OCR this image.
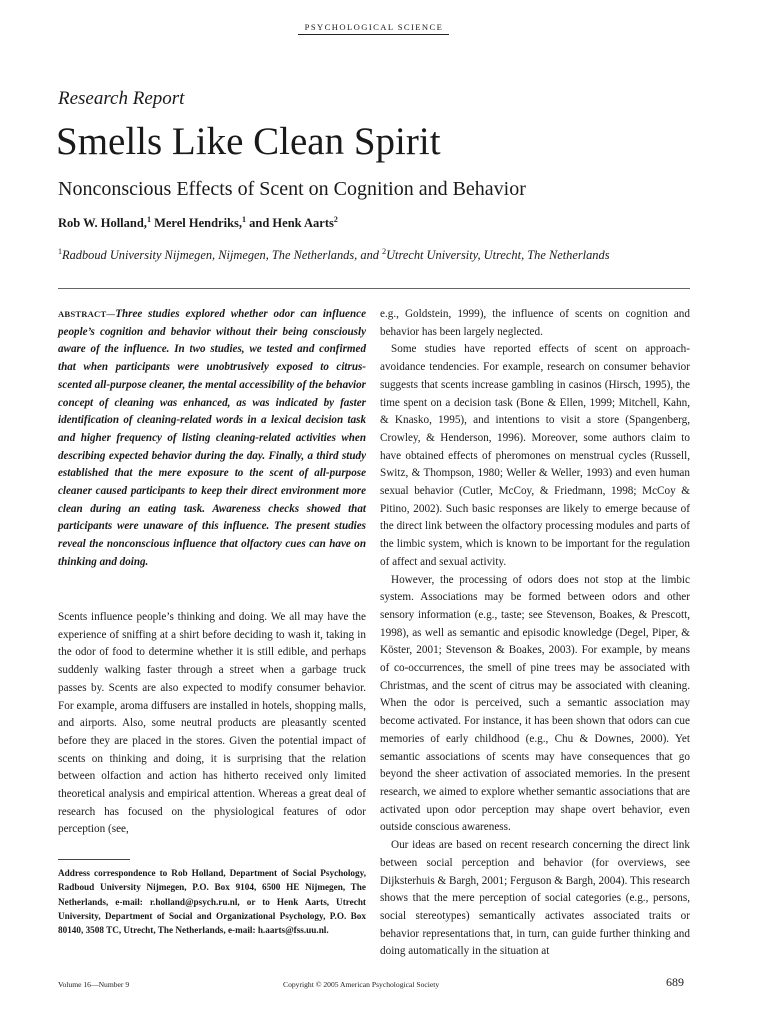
PSYCHOLOGICAL SCIENCE
Research Report
Smells Like Clean Spirit
Nonconscious Effects of Scent on Cognition and Behavior
Rob W. Holland,$^1$ Merel Hendriks,$^1$ and Henk Aarts$^2$
$^1$Radboud University Nijmegen, Nijmegen, The Netherlands, and $^2$Utrecht University, Utrecht, The Netherlands
ABSTRACT—Three studies explored whether odor can influence people’s cognition and behavior without their being consciously aware of the influence. In two studies, we tested and confirmed that when participants were unobtrusively exposed to citrus-scented all-purpose cleaner, the mental accessibility of the behavior concept of cleaning was enhanced, as was indicated by faster identification of cleaning-related words in a lexical decision task and higher frequency of listing cleaning-related activities when describing expected behavior during the day. Finally, a third study established that the mere exposure to the scent of all-purpose cleaner caused participants to keep their direct environment more clean during an eating task. Awareness checks showed that participants were unaware of this influence. The present studies reveal the nonconscious influence that olfactory cues can have on thinking and doing.

Scents influence people’s thinking and doing. We all may have the experience of sniffing at a shirt before deciding to wash it, taking in the odor of food to determine whether it is still edible, and perhaps suddenly walking faster through a street when a garbage truck passes by. Scents are also expected to modify consumer behavior. For example, aroma diffusers are installed in hotels, shopping malls, and airports. Also, some neutral products are pleasantly scented before they are placed in the stores. Given the potential impact of scents on thinking and doing, it is surprising that the relation between olfaction and action has hitherto received only limited theoretical analysis and empirical attention. Whereas a great deal of research has focused on the physiological features of odor perception (see,

Address correspondence to Rob Holland, Department of Social Psychology, Radboud University Nijmegen, P.O. Box 9104, 6500 HE Nijmegen, The Netherlands, e-mail: r.holland@psych.ru.nl, or to Henk Aarts, Utrecht University, Department of Social and Organizational Psychology, P.O. Box 80140, 3508 TC, Utrecht, The Netherlands, e-mail: h.aarts@fss.uu.nl.

e.g., Goldstein, 1999), the influence of scents on cognition and behavior has been largely neglected.

Some studies have reported effects of scent on approach-avoidance tendencies. For example, research on consumer behavior suggests that scents increase gambling in casinos (Hirsch, 1995), the time spent on a decision task (Bone & Ellen, 1999; Mitchell, Kahn, & Knasko, 1995), and intentions to visit a store (Spangenberg, Crowley, & Henderson, 1996). Moreover, some authors claim to have obtained effects of pheromones on menstrual cycles (Russell, Switz, & Thompson, 1980; Weller & Weller, 1993) and even human sexual behavior (Cutler, McCoy, & Friedmann, 1998; McCoy & Pitino, 2002). Such basic responses are likely to emerge because of the direct link between the olfactory processing modules and parts of the limbic system, which is known to be important for the regulation of affect and sexual activity.

However, the processing of odors does not stop at the limbic system. Associations may be formed between odors and other sensory information (e.g., taste; see Stevenson, Boakes, & Prescott, 1998), as well as semantic and episodic knowledge (Degel, Piper, & Köster, 2001; Stevenson & Boakes, 2003). For example, by means of co-occurrences, the smell of pine trees may be associated with Christmas, and the scent of citrus may be associated with cleaning. When the odor is perceived, such a semantic association may become activated. For instance, it has been shown that odors can cue memories of early childhood (e.g., Chu & Downes, 2000). Yet semantic associations of scents may have consequences that go beyond the sheer activation of associated memories. In the present research, we aimed to explore whether semantic associations that are activated upon odor perception may shape overt behavior, even outside conscious awareness.

Our ideas are based on recent research concerning the direct link between social perception and behavior (for overviews, see Dijksterhuis & Bargh, 2001; Ferguson & Bargh, 2004). This research shows that the mere perception of social categories (e.g., persons, social stereotypes) semantically activates associated traits or behavior representations that, in turn, can guide further thinking and doing automatically in the situation at

Volume 16—Number 9	Copyright © 2005 American Psychological Society	689
